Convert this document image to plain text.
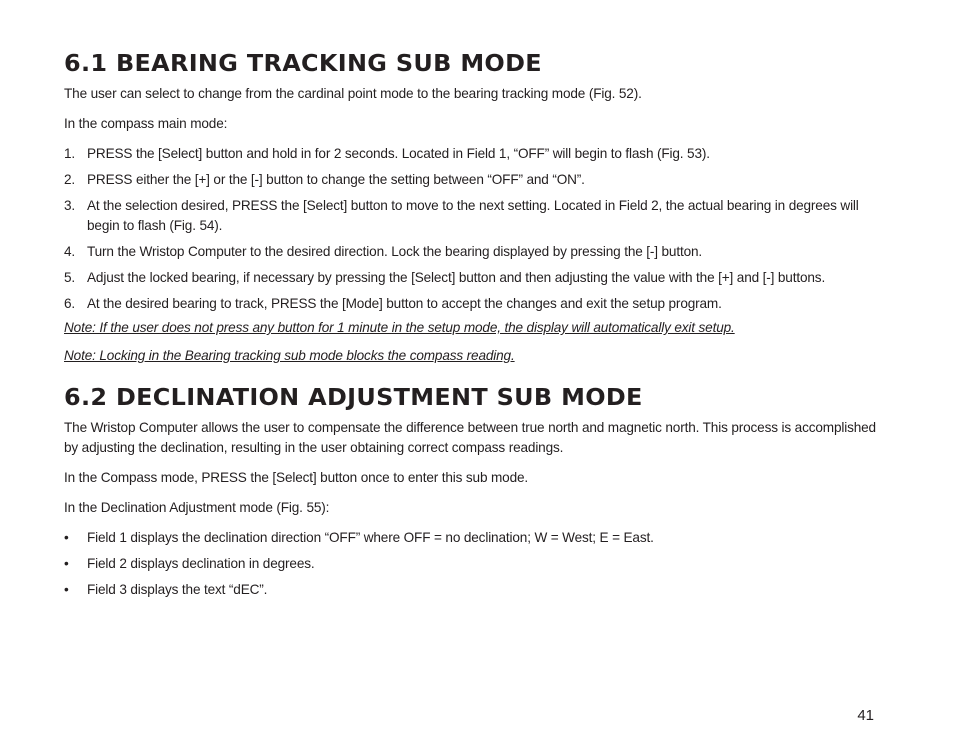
6.1 BEARING TRACKING SUB MODE

The user can select to change from the cardinal point mode to the bearing tracking mode (Fig. 52).

In the compass main mode:

1. PRESS the [Select] button and hold in for 2 seconds. Located in Field 1, “OFF” will begin to flash (Fig. 53).
2. PRESS either the [+] or the [-] button to change the setting between “OFF” and “ON”.
3. At the selection desired, PRESS the [Select] button to move to the next setting. Located in Field 2, the actual bearing in degrees will begin to flash (Fig. 54).
4. Turn the Wristop Computer to the desired direction. Lock the bearing displayed by pressing the [-] button.
5. Adjust the locked bearing, if necessary by pressing the [Select] button and then adjusting the value with the [+] and [-] buttons.
6. At the desired bearing to track, PRESS the [Mode] button to accept the changes and exit the setup program.

Note: If the user does not press any button for 1 minute in the setup mode, the display will automatically exit setup.

Note: Locking in the Bearing tracking sub mode blocks the compass reading.

6.2 DECLINATION ADJUSTMENT SUB MODE

The Wristop Computer allows the user to compensate the difference between true north and magnetic north. This process is accomplished by adjusting the declination, resulting in the user obtaining correct compass readings.

In the Compass mode, PRESS the [Select] button once to enter this sub mode.

In the Declination Adjustment mode (Fig. 55):

• Field 1 displays the declination direction “OFF” where OFF = no declination; W = West; E = East.
• Field 2 displays declination in degrees.
• Field 3 displays the text “dEC”.
41
